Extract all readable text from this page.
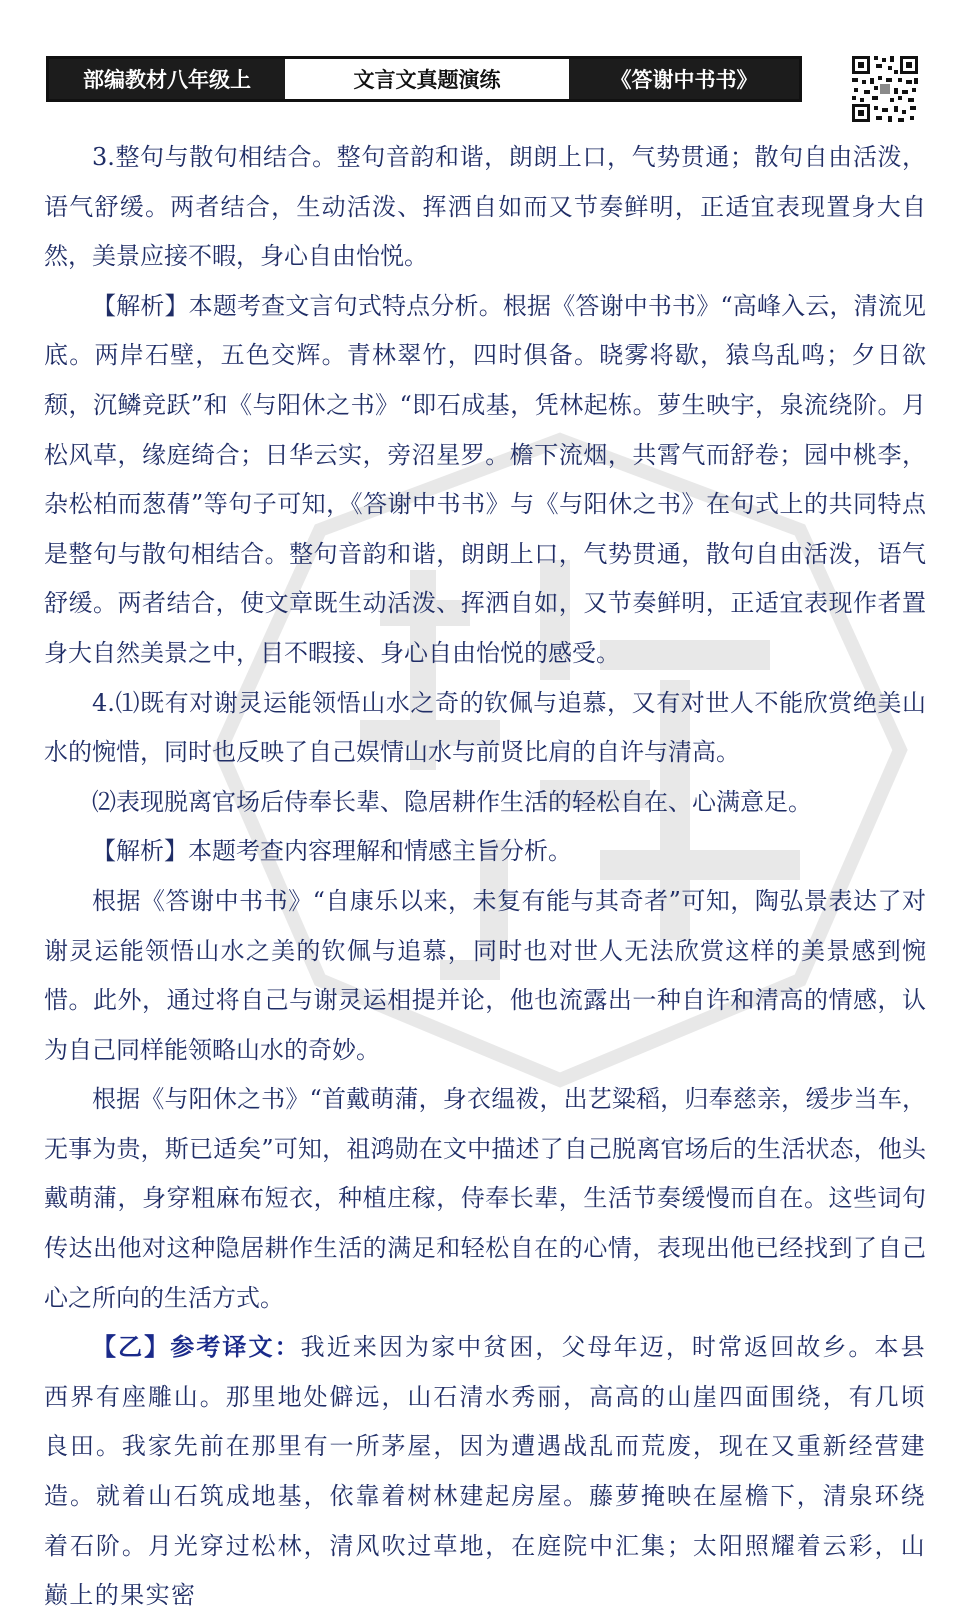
部编教材八年级上	文言文真题演练	《答谢中书书》

3.整句与散句相结合。整句音韵和谐，朗朗上口，气势贯通；散句自由活泼，语气舒缓。两者结合，生动活泼、挥洒自如而又节奏鲜明，正适宜表现置身大自然，美景应接不暇，身心自由怡悦。

【解析】本题考查文言句式特点分析。根据《答谢中书书》“高峰入云，清流见底。两岸石壁，五色交辉。青林翠竹，四时俱备。晓雾将歇，猿鸟乱鸣；夕日欲颓，沉鳞竞跃”和《与阳休之书》“即石成基，凭林起栋。萝生映宇，泉流绕阶。月松风草，缘庭绮合；日华云实，旁沼星罗。檐下流烟，共霄气而舒卷；园中桃李，杂松柏而葱蒨”等句子可知，《答谢中书书》与《与阳休之书》在句式上的共同特点是整句与散句相结合。整句音韵和谐，朗朗上口，气势贯通，散句自由活泼，语气舒缓。两者结合，使文章既生动活泼、挥洒自如，又节奏鲜明，正适宜表现作者置身大自然美景之中，目不暇接、身心自由怡悦的感受。

4.⑴既有对谢灵运能领悟山水之奇的钦佩与追慕，又有对世人不能欣赏绝美山水的惋惜，同时也反映了自己娱情山水与前贤比肩的自许与清高。

⑵表现脱离官场后侍奉长辈、隐居耕作生活的轻松自在、心满意足。

【解析】本题考查内容理解和情感主旨分析。

根据《答谢中书书》“自康乐以来，未复有能与其奇者”可知，陶弘景表达了对谢灵运能领悟山水之美的钦佩与追慕，同时也对世人无法欣赏这样的美景感到惋惜。此外，通过将自己与谢灵运相提并论，他也流露出一种自许和清高的情感，认为自己同样能领略山水的奇妙。

根据《与阳休之书》“首戴萌蒲，身衣缊袯，出艺粱稻，归奉慈亲，缓步当车，无事为贵，斯已适矣”可知，祖鸿勋在文中描述了自己脱离官场后的生活状态，他头戴萌蒲，身穿粗麻布短衣，种植庄稼，侍奉长辈，生活节奏缓慢而自在。这些词句传达出他对这种隐居耕作生活的满足和轻松自在的心情，表现出他已经找到了自己心之所向的生活方式。

【乙】参考译文：我近来因为家中贫困，父母年迈，时常返回故乡。本县西界有座雕山。那里地处僻远，山石清水秀丽，高高的山崖四面围绕，有几顷良田。我家先前在那里有一所茅屋，因为遭遇战乱而荒废，现在又重新经营建造。就着山石筑成地基，依靠着树林建起房屋。藤萝掩映在屋檐下，清泉环绕着石阶。月光穿过松林，清风吹过草地，在庭院中汇集；太阳照耀着云彩，山巅上的果实密
